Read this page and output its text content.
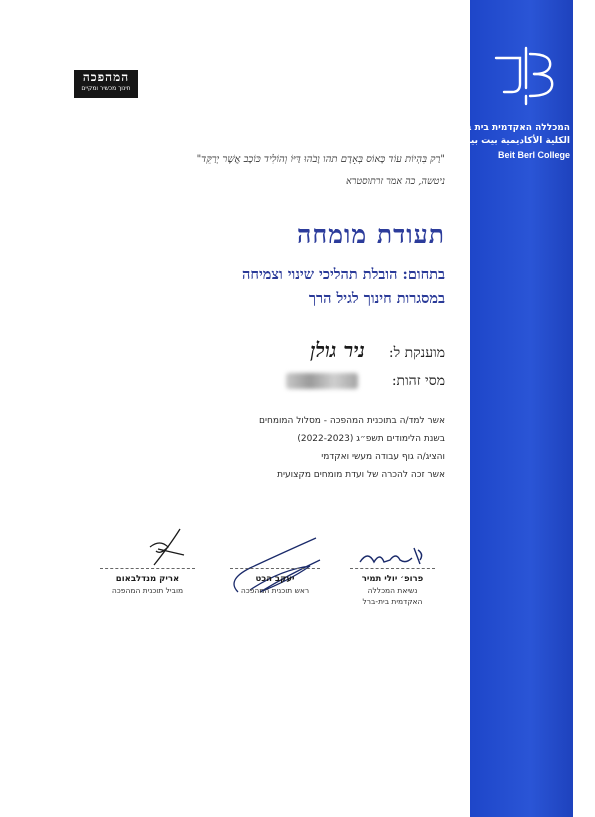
המכללה האקדמית בית ברל
الكلية الأكاديمية بيت بيرل
Beit Berl College
המהפכה
חינוך מכשיר ומקיים
"רַק בִּהְיוֹת עוֹד כָּאוֹס בְּאָדָם תהו וָבֹהוּ דַּיּוֹ וְהוֹלִיד כּוֹכָב אֲשֶׁר יְרַקֵּד"
ניטשה, כה אמר זרתוסטרא
תעודת מומחה
בתחום: הובלת תהליכי שינוי וצמיחה
במסגרות חינוך לגיל הרך
מוענקת ל:
ניר גולן
מסי זהות:
אשר למד/ה בתוכנית המהפכה - מסלול המומחים
בשנת הלימודים תשפ״ג (2022-2023)
והציג/ה גוף עבודה מעשי ואקדמי
אשר זכה להכרה של ועדת מומחים מקצועית
פרופ׳ יולי תמיר
נשיאת המכללה
האקדמית בית-ברל
יעקב הכט
ראש תוכנית המהפכה
אריק מנדלבאום
מוביל תוכנית המהפכה
